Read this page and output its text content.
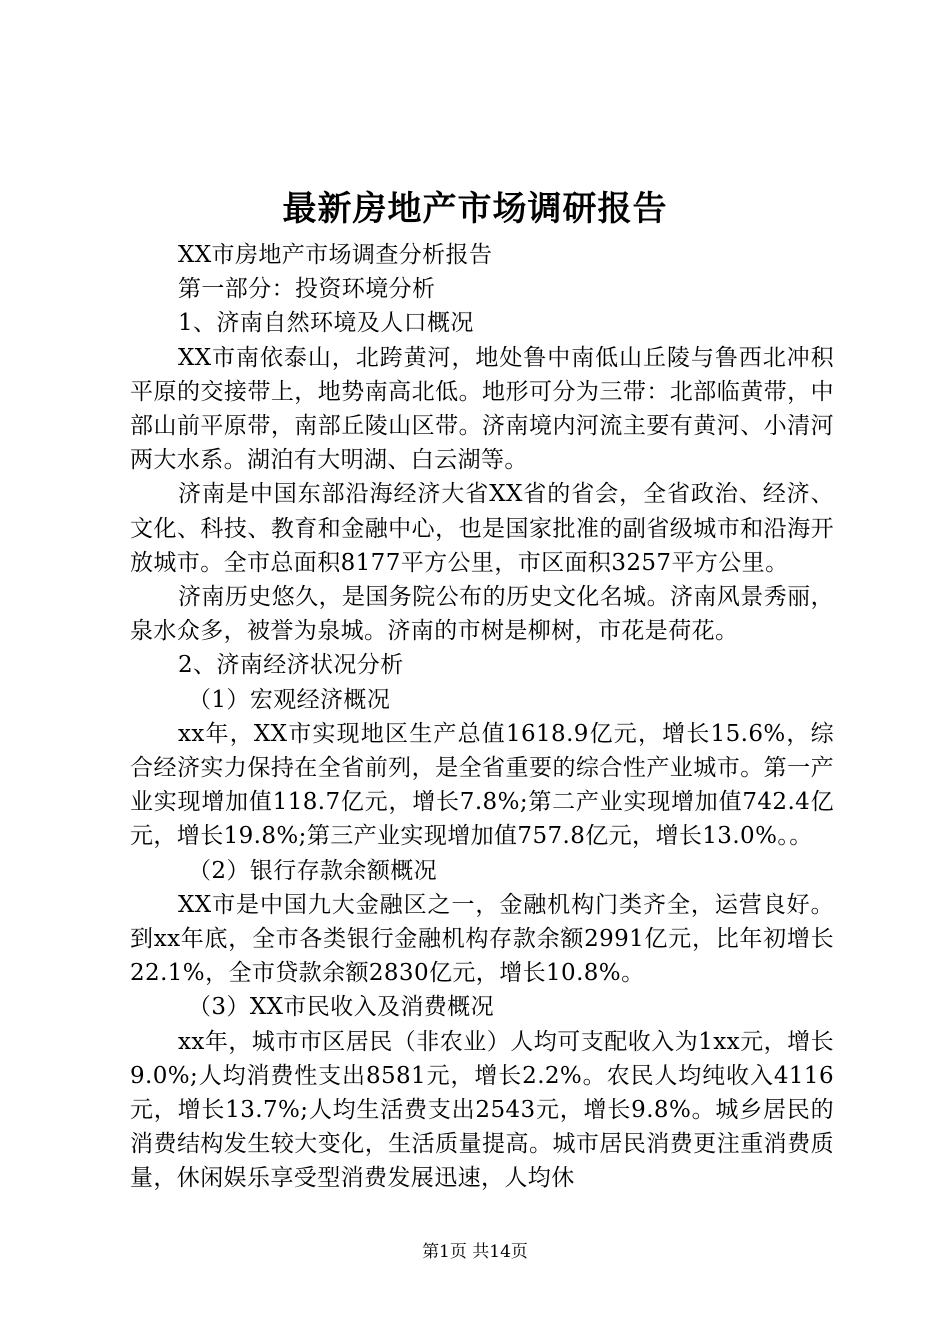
最新房地产市场调研报告

XX市房地产市场调查分析报告

第一部分：投资环境分析

1、济南自然环境及人口概况

XX市南依泰山，北跨黄河，地处鲁中南低山丘陵与鲁西北冲积平原的交接带上，地势南高北低。地形可分为三带：北部临黄带，中部山前平原带，南部丘陵山区带。济南境内河流主要有黄河、小清河两大水系。湖泊有大明湖、白云湖等。

济南是中国东部沿海经济大省XX省的省会，全省政治、经济、文化、科技、教育和金融中心，也是国家批准的副省级城市和沿海开放城市。全市总面积8177平方公里，市区面积3257平方公里。

济南历史悠久，是国务院公布的历史文化名城。济南风景秀丽，泉水众多，被誉为泉城。济南的市树是柳树，市花是荷花。

2、济南经济状况分析

（1）宏观经济概况

xx年，XX市实现地区生产总值1618.9亿元，增长15.6%，综合经济实力保持在全省前列，是全省重要的综合性产业城市。第一产业实现增加值118.7亿元，增长7.8%;第二产业实现增加值742.4亿元，增长19.8%;第三产业实现增加值757.8亿元，增长13.0%。。

（2）银行存款余额概况

XX市是中国九大金融区之一，金融机构门类齐全，运营良好。到xx年底，全市各类银行金融机构存款余额2991亿元，比年初增长22.1%，全市贷款余额2830亿元，增长10.8%。

（3）XX市民收入及消费概况

xx年，城市市区居民（非农业）人均可支配收入为1xx元，增长9.0%;人均消费性支出8581元，增长2.2%。农民人均纯收入4116元，增长13.7%;人均生活费支出2543元，增长9.8%。城乡居民的消费结构发生较大变化，生活质量提高。城市居民消费更注重消费质量，休闲娱乐享受型消费发展迅速，人均休

第1页 共14页
